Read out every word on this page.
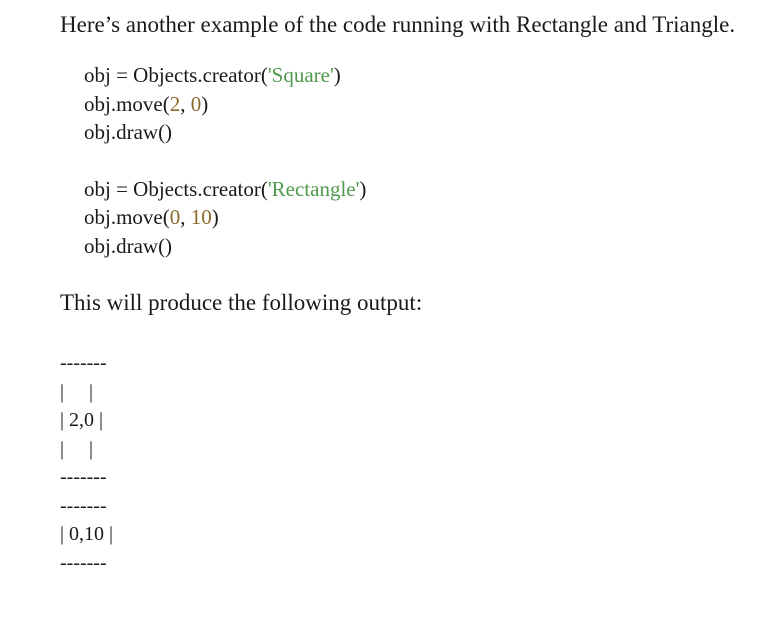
Here’s another example of the code running with Rectangle and Triangle.

obj = Objects.creator('Square')
obj.move(2, 0)
obj.draw()
obj = Objects.creator('Rectangle')
obj.move(0, 10)
obj.draw()

This will produce the following output:

-------
|     |
| 2,0 |
|     |
-------
-------
| 0,10 |
-------
